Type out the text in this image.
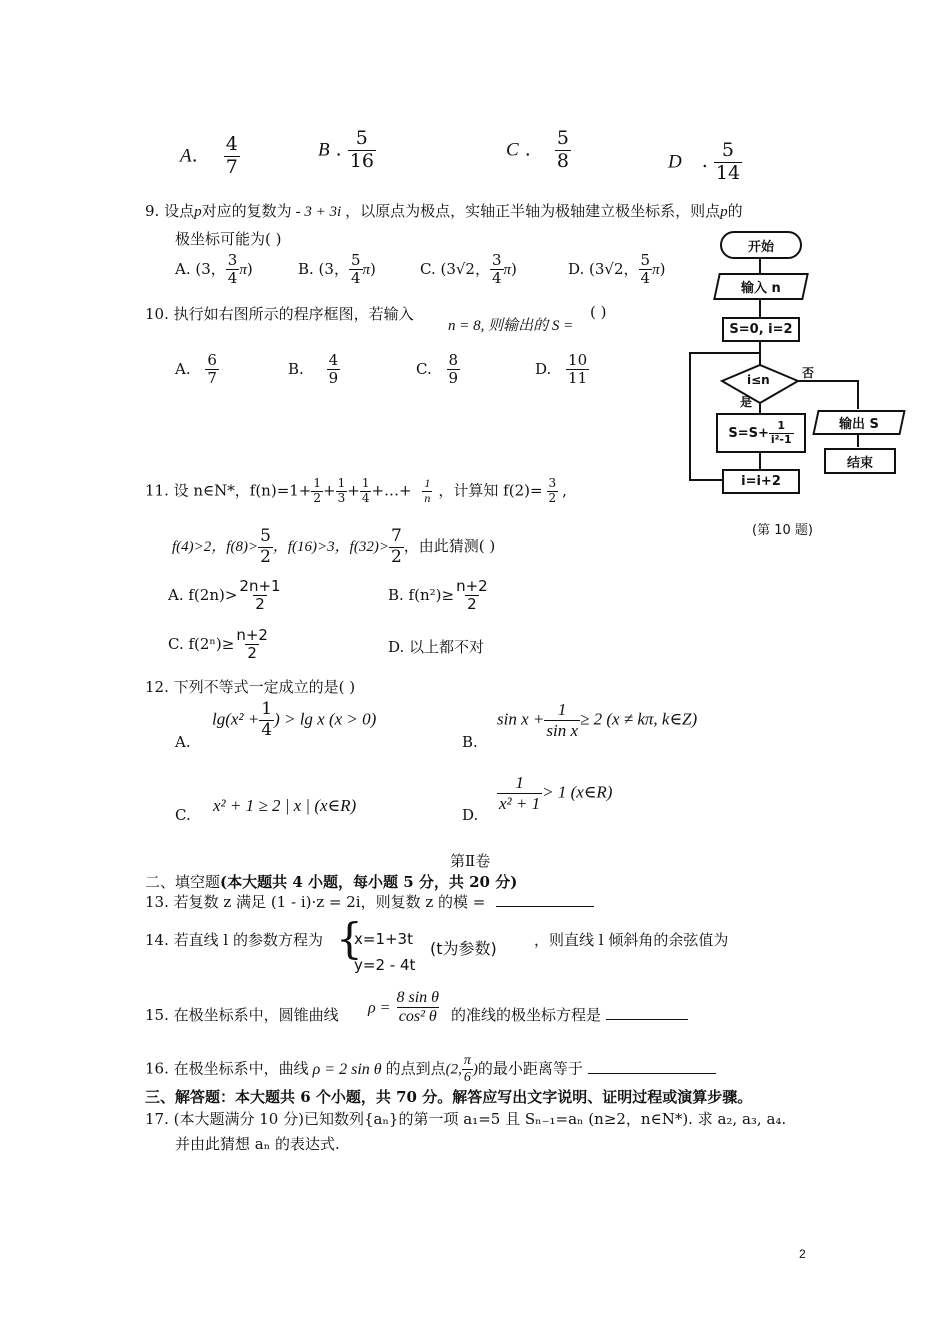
A. $\frac{4}{7}$	B . $\frac{5}{16}$	C . $\frac{5}{8}$	D . $\frac{5}{14}$
9. 设点p对应的复数为 - 3 + 3i ，以原点为极点，实轴正半轴为极轴建立极坐标系，则点p的
极坐标可能为( )
A. (3， $\frac{3}{4} \pi$)	B. (3， $\frac{5}{4} \pi$)	C. (3√2， $\frac{3}{4} \pi$)	D. (3√2， $\frac{5}{4} \pi$)
10. 执行如右图所示的程序框图，若输入
n = 8, 则输出的 S =
( )
A. $\frac{6}{7}$	B. $\frac{4}{9}$	C. $\frac{8}{9}$	D. $\frac{10}{11}$
开始
输入 n
S=0, i=2
i≤n	否
是
$S=S+ \frac{1}{\text{i²-1}}$
i=i+2
输出 S
结束
(第 10 题)
11. 设 n∈N*，$f(n)=1+ \frac{1}{2} + \frac{1}{3} + \frac{1}{4}$ +…+ $\frac{1}{n}$ ，计算知 $f(2)= \frac{3}{2}$ ,
f(4)>2，$f(8)> \frac{5}{2}$ ，f(16)>3，$f(32)> \frac{7}{2}$ ，由此猜测( )
A. $f(2n)> \frac{2n+1}{2}$	B. $f(n^2)\ge \frac{n+2}{2}$
C. $f(2^n)\ge \frac{n+2}{2}$	D. 以上都不对
12. 下列不等式一定成立的是( )
A.
$\lg(x^2 + \frac{1}{4}$ ) > lg x (x > 0)
B.
$\sin x + \frac{1}{\text{sin x}} \ge 2$ (x ≠ kπ, k∈Z)
C. x² + 1 ≥ 2 | x | (x∈R)	D.
$\frac{1}{\text{x² + 1}} > 1$ (x∈R)
第Ⅱ卷
二、填空题(本大题共 4 小题，每小题 5 分，共 20 分)
13. 若复数 z 满足 (1 - i)·z = 2i，则复数 z 的模 =
14. 若直线 l 的参数方程为 {
x=1+3t
y=2 - 4t
(t为参数) ，则直线 l 倾斜角的余弦值为
15. 在极坐标系中，圆锥曲线 $\rho = \frac{\text{8 sin θ}}{\text{cos² θ}}$ 的准线的极坐标方程是
16. 在极坐标系中，曲线 ρ = 2 sin θ 的点到点(2, $\frac{\pi}{6}$ )的最小距离等于
三、解答题：本大题共 6 个小题，共 70 分。解答应写出文字说明、证明过程或演算步骤。
17. (本大题满分 10 分)已知数列{aₙ}的第一项 a₁=5 且 Sₙ₋₁=aₙ (n≥2，n∈N*). 求 a₂, a₃, a₄.
并由此猜想 aₙ 的表达式.
2
